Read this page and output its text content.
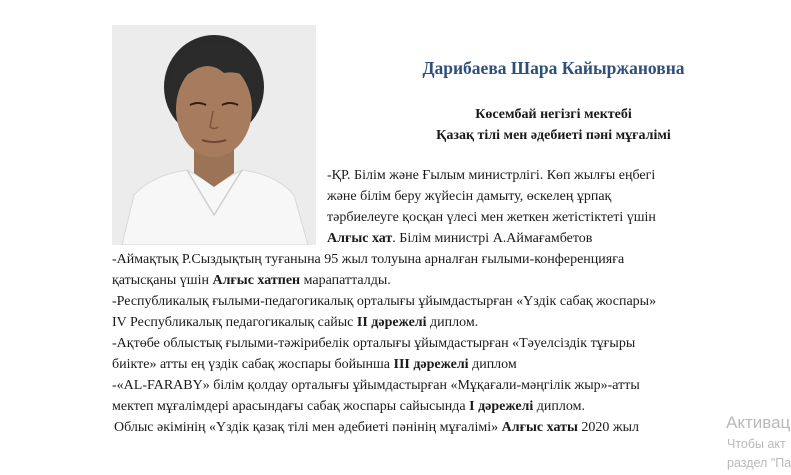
Дарибаева Шара Кайыржановна
Көсембай негізгі мектебі
Қазақ тілі мен әдебиеті пәні мұғалімі
-ҚР. Білім және Ғылым министрлігі. Көп жылғы еңбегі
және білім беру жүйесін дамыту, өскелең ұрпақ
тәрбиелеуге қосқан үлесі мен жеткен жетістіктеті үшін
Алғыс хат. Білім министрі А.Аймағамбетов
-Аймақтық Р.Сыздықтың туғанына 95 жыл толуына арналған ғылыми-конференцияға
қатысқаны үшін Алғыс хатпен марапатталды.
-Республикалық ғылыми-педагогикалық орталығы ұйымдастырған «Үздік сабақ жоспары»
IV Республикалық педагогикалық сайыс II дәрежелі диплом.
-Ақтөбе облыстық ғылыми-тәжірибелік орталығы ұйымдастырған «Тәуелсіздік тұғыры
биікте» атты ең үздік сабақ жоспары бойынша III дәрежелі диплом
-«AL-FARABY» білім қолдау орталығы ұйымдастырған «Мұқағали-мәңгілік жыр»-атты
мектеп мұғалімдері арасындағы сабақ жоспары сайысында I дәрежелі диплом.
Облыс әкімінің «Үздік қазақ тілі мен әдебиеті пәнінің мұғалімі» Алғыс хаты 2020 жыл	Активац
Чтобы акт
раздел "Па
